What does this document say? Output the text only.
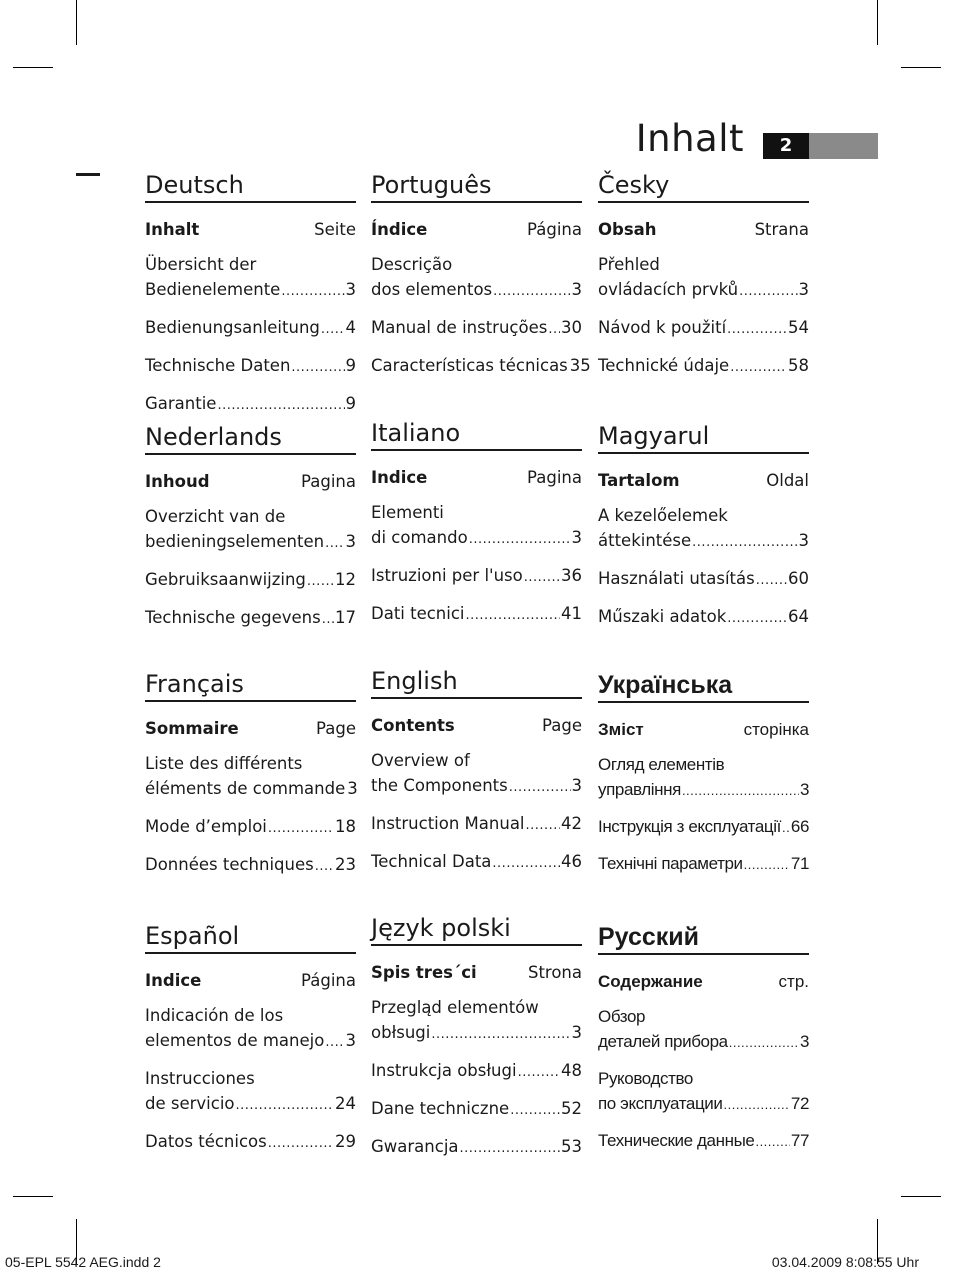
Inhalt	2
Deutsch
Inhalt	Seite
Übersicht der
Bedienelemente .....	3
Bedienungsanleitung ..... 4
Technische Daten .....	9
Garantie .....	9
Nederlands
Inhoud	Pagina
Overzicht van de
bedieningselementen ..... 3
Gebruiksaanwijzing ..... 12
Technische gegevens ..... 17
Français
Sommaire	Page
Liste des différents
éléments de commande 3
Mode d’emploi .....	18
Données techniques ..... 23
Español
Indice	Página
Indicación de los
elementos de manejo ..... 3
Instrucciones
de servicio .....	24
Datos técnicos .....	29
Português
Índice	Página
Descrição
dos elementos .....	3
Manual de instruções ..... 30
Características técnicas 35
Italiano
Indice	Pagina
Elementi
di comando .....	3
Istruzioni per l'uso ..... 36
Dati tecnici .....	41
English
Contents	Page
Overview of
the Components .....	3
Instruction Manual ..... 42
Technical Data .....	46
Język polski
Spis tres´ci	Strona
Przegląd elementów
obłsugi .....	3
Instrukcja obsługi .....	48
Dane techniczne .....	52
Gwarancja .....	53
Česky
Obsah	Strana
Přehled
ovládacích prvků .....	3
Návod k použití .....	54
Technické údaje .....	58
Magyarul
Tartalom	Oldal
A kezelőelemek
áttekintése .....	3
Használati utasítás ..... 60
Műszaki adatok .....	64
Українська
Зміст	сторінка
Огляд елементів
управління .....	3
Інструкція з експлуатації ..... 66
Технічні параметри .....	71
Русский
Содержание	стр.
Обзор
деталей прибора .....	3
Руководство
по эксплуатации .....	72
Технические данные ..... 77
05-EPL 5542 AEG.indd 2	03.04.2009 8:08:55 Uhr
